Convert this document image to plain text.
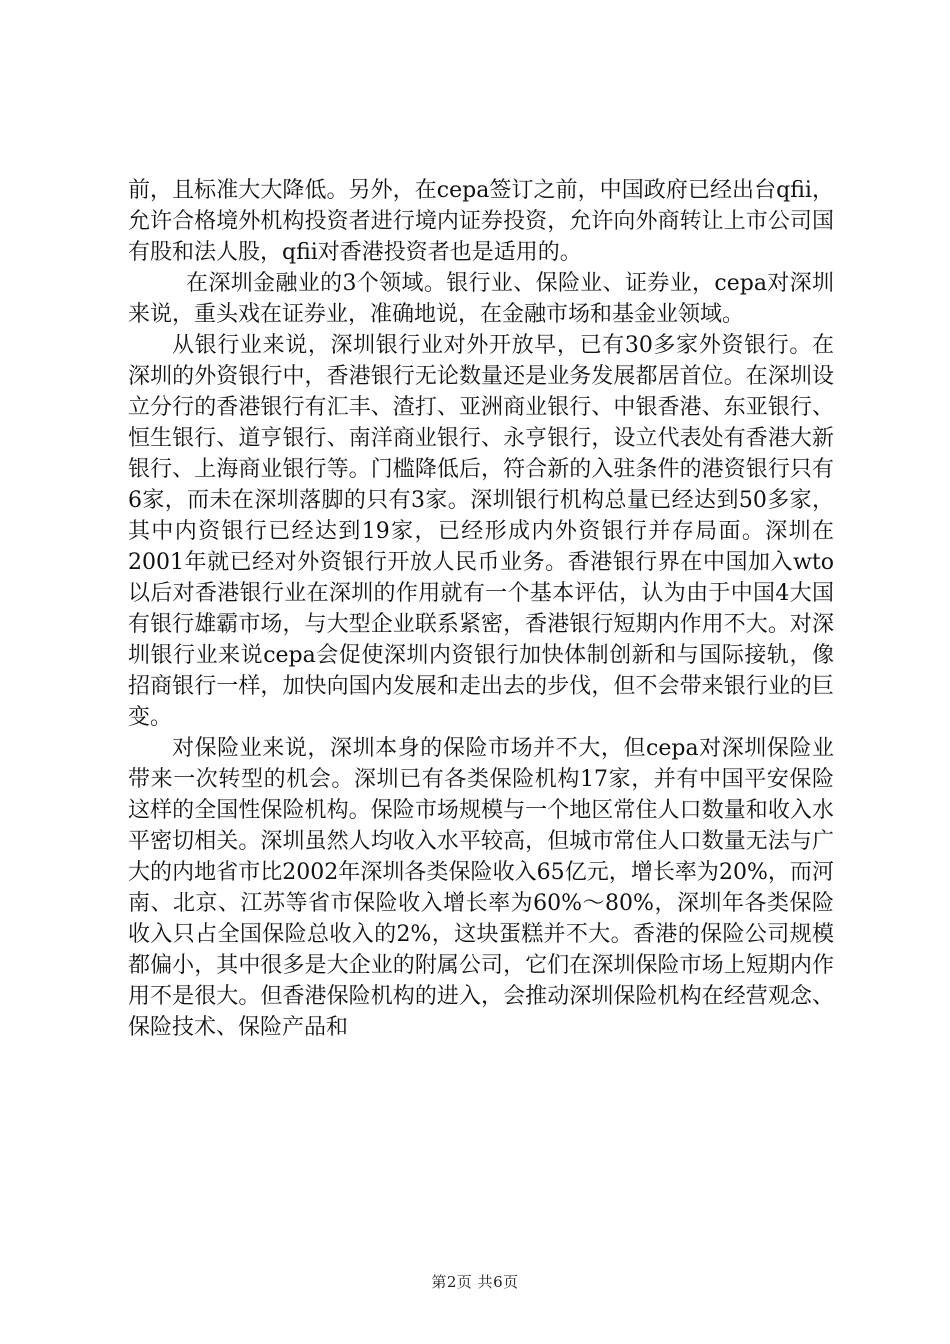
前，且标准大大降低。另外，在cepa签订之前，中国政府已经出台qfii，允许合格境外机构投资者进行境内证券投资，允许向外商转让上市公司国有股和法人股，qfii对香港投资者也是适用的。

在深圳金融业的3个领域。银行业、保险业、证券业，cepa对深圳来说，重头戏在证券业，准确地说，在金融市场和基金业领域。

从银行业来说，深圳银行业对外开放早，已有30多家外资银行。在深圳的外资银行中，香港银行无论数量还是业务发展都居首位。在深圳设立分行的香港银行有汇丰、渣打、亚洲商业银行、中银香港、东亚银行、恒生银行、道亨银行、南洋商业银行、永亨银行，设立代表处有香港大新银行、上海商业银行等。门槛降低后，符合新的入驻条件的港资银行只有6家，而未在深圳落脚的只有3家。深圳银行机构总量已经达到50多家，其中内资银行已经达到19家，已经形成内外资银行并存局面。深圳在2001年就已经对外资银行开放人民币业务。香港银行界在中国加入wto以后对香港银行业在深圳的作用就有一个基本评估，认为由于中国4大国有银行雄霸市场，与大型企业联系紧密，香港银行短期内作用不大。对深圳银行业来说cepa会促使深圳内资银行加快体制创新和与国际接轨，像招商银行一样，加快向国内发展和走出去的步伐，但不会带来银行业的巨变。

对保险业来说，深圳本身的保险市场并不大，但cepa对深圳保险业带来一次转型的机会。深圳已有各类保险机构17家，并有中国平安保险这样的全国性保险机构。保险市场规模与一个地区常住人口数量和收入水平密切相关。深圳虽然人均收入水平较高，但城市常住人口数量无法与广大的内地省市比2002年深圳各类保险收入65亿元，增长率为20%，而河南、北京、江苏等省市保险收入增长率为60%～80%，深圳年各类保险收入只占全国保险总收入的2%，这块蛋糕并不大。香港的保险公司规模都偏小，其中很多是大企业的附属公司，它们在深圳保险市场上短期内作用不是很大。但香港保险机构的进入，会推动深圳保险机构在经营观念、保险技术、保险产品和

第2页 共6页
